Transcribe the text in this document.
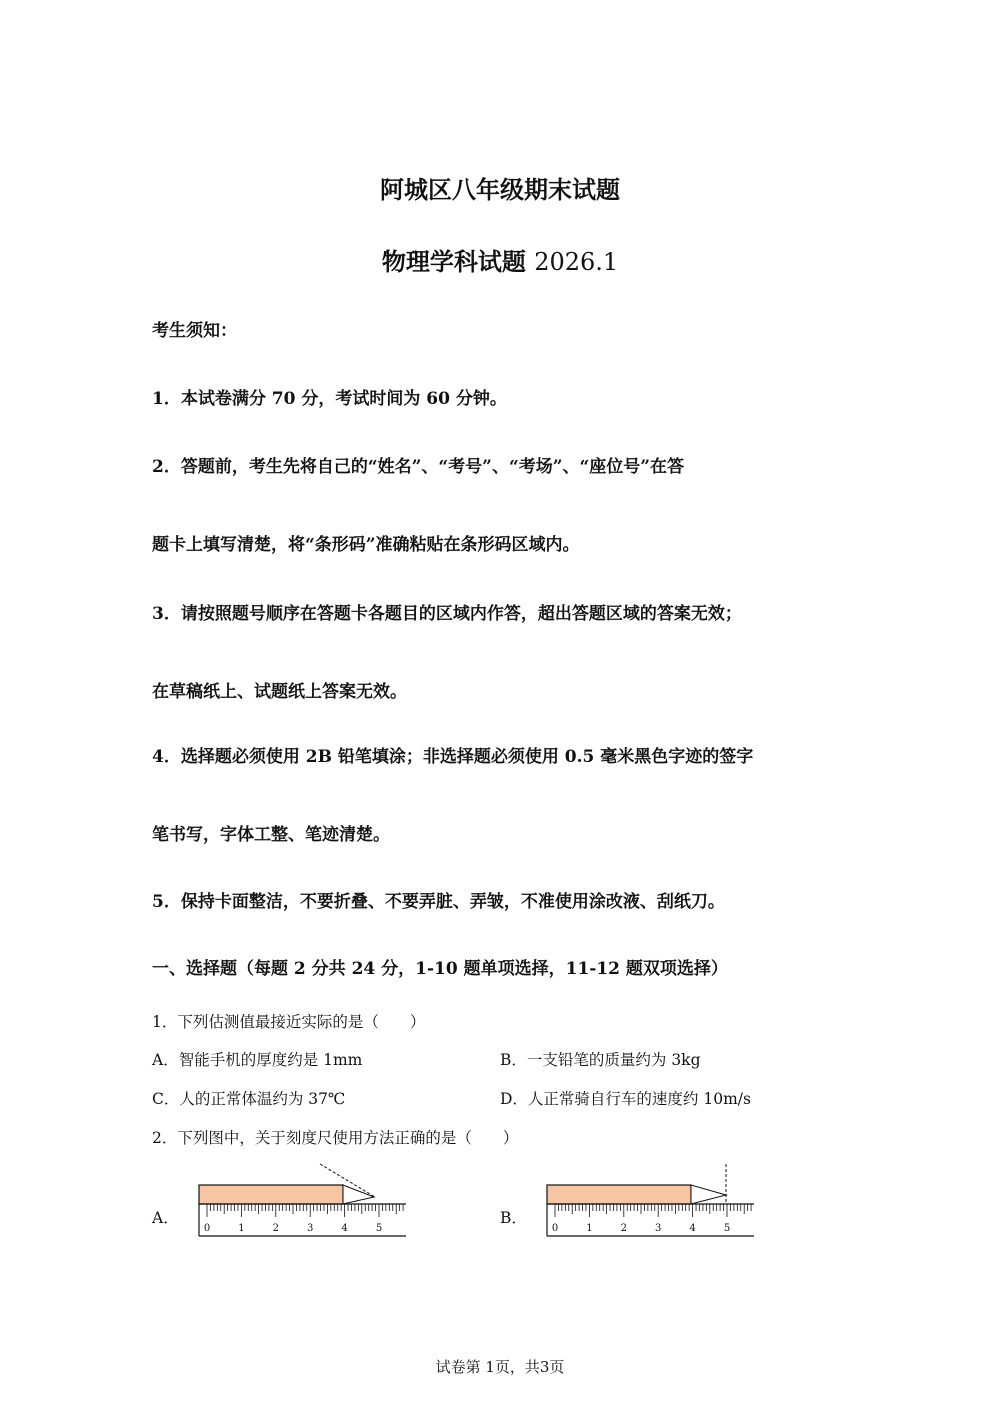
阿城区八年级期末试题
物理学科试题 2026.1
考生须知：
1．本试卷满分 70 分，考试时间为 60 分钟。
2．答题前，考生先将自己的“姓名”、“考号”、“考场”、“座位号”在答
题卡上填写清楚，将“条形码”准确粘贴在条形码区域内。
3．请按照题号顺序在答题卡各题目的区域内作答，超出答题区域的答案无效；
在草稿纸上、试题纸上答案无效。
4．选择题必须使用 2B 铅笔填涂；非选择题必须使用 0.5 毫米黑色字迹的签字
笔书写，字体工整、笔迹清楚。
5．保持卡面整洁，不要折叠、不要弄脏、弄皱，不准使用涂改液、刮纸刀。
一、选择题（每题 2 分共 24 分，1-10 题单项选择，11-12 题双项选择）
1．下列估测值最接近实际的是（　　）
A．智能手机的厚度约是 1mm	B．一支铅笔的质量约为 3kg
C．人的正常体温约为 37℃	D．人正常骑自行车的速度约 10m/s
2．下列图中，关于刻度尺使用方法正确的是（　　）
A．	B．
0	1	2	3	4	5	0	1	2	3	4	5
试卷第 1页，共3页
